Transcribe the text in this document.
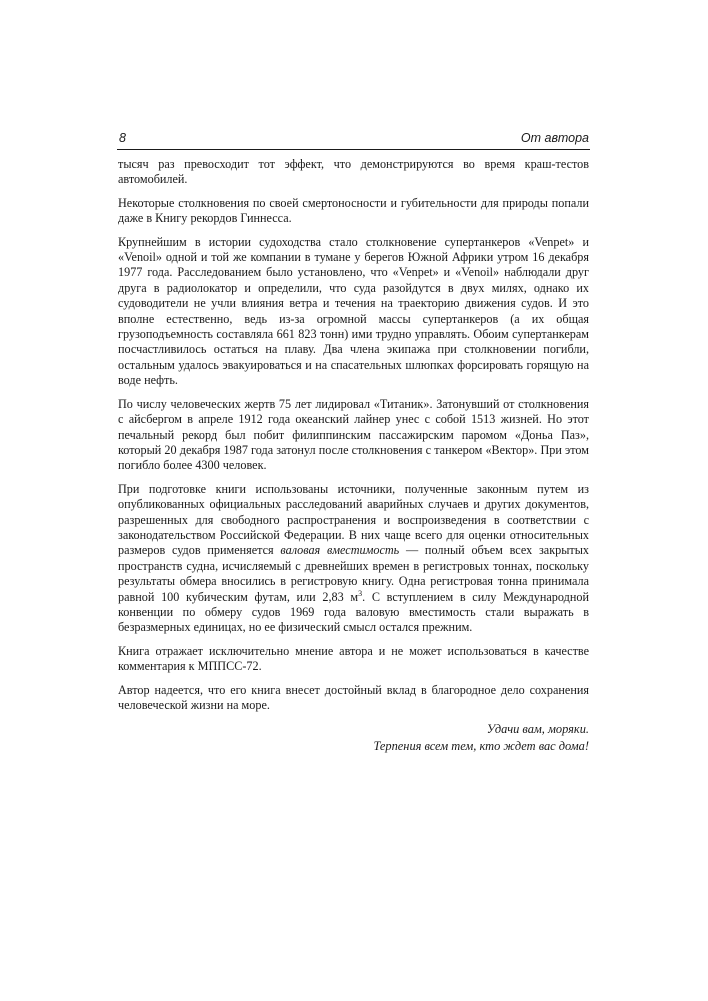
8	От автора

тысяч раз превосходит тот эффект, что демонстрируются во время краш-тестов автомобилей.

Некоторые столкновения по своей смертоносности и губительности для природы попали даже в Книгу рекордов Гиннесса.

Крупнейшим в истории судоходства стало столкновение супертанкеров «Venpet» и «Venoil» одной и той же компании в тумане у берегов Южной Африки утром 16 декабря 1977 года. Расследованием было установлено, что «Venpet» и «Venoil» наблюдали друг друга в радиолокатор и определили, что суда разойдутся в двух милях, однако их судоводители не учли влияния ветра и течения на траекторию движения судов. И это вполне естественно, ведь из-за огромной массы супертанкеров (а их общая грузоподъемность составляла 661 823 тонн) ими трудно управлять. Обоим супертанкерам посчастливилось остаться на плаву. Два члена экипажа при столкновении погибли, остальным удалось эвакуироваться и на спасательных шлюпках форсировать горящую на воде нефть.

По числу человеческих жертв 75 лет лидировал «Титаник». Затонувший от столкновения с айсбергом в апреле 1912 года океанский лайнер унес с собой 1513 жизней. Но этот печальный рекорд был побит филиппинским пассажирским паромом «Доньа Паз», который 20 декабря 1987 года затонул после столкновения с танкером «Вектор». При этом погибло более 4300 человек.

При подготовке книги использованы источники, полученные законным путем из опубликованных официальных расследований аварийных случаев и других документов, разрешенных для свободного распространения и воспроизведения в соответствии с законодательством Российской Федерации. В них чаще всего для оценки относительных размеров судов применяется валовая вместимость — полный объем всех закрытых пространств судна, исчисляемый с древнейших времен в регистровых тоннах, поскольку результаты обмера вносились в регистровую книгу. Одна регистровая тонна принимала равной 100 кубическим футам, или 2,83 $м^3$. С вступлением в силу Международной конвенции по обмеру судов 1969 года валовую вместимость стали выражать в безразмерных единицах, но ее физический смысл остался прежним.

Книга отражает исключительно мнение автора и не может использоваться в качестве комментария к МППСС-72.

Автор надеется, что его книга внесет достойный вклад в благородное дело сохранения человеческой жизни на море.

Удачи вам, моряки.
Терпения всем тем, кто ждет вас дома!
